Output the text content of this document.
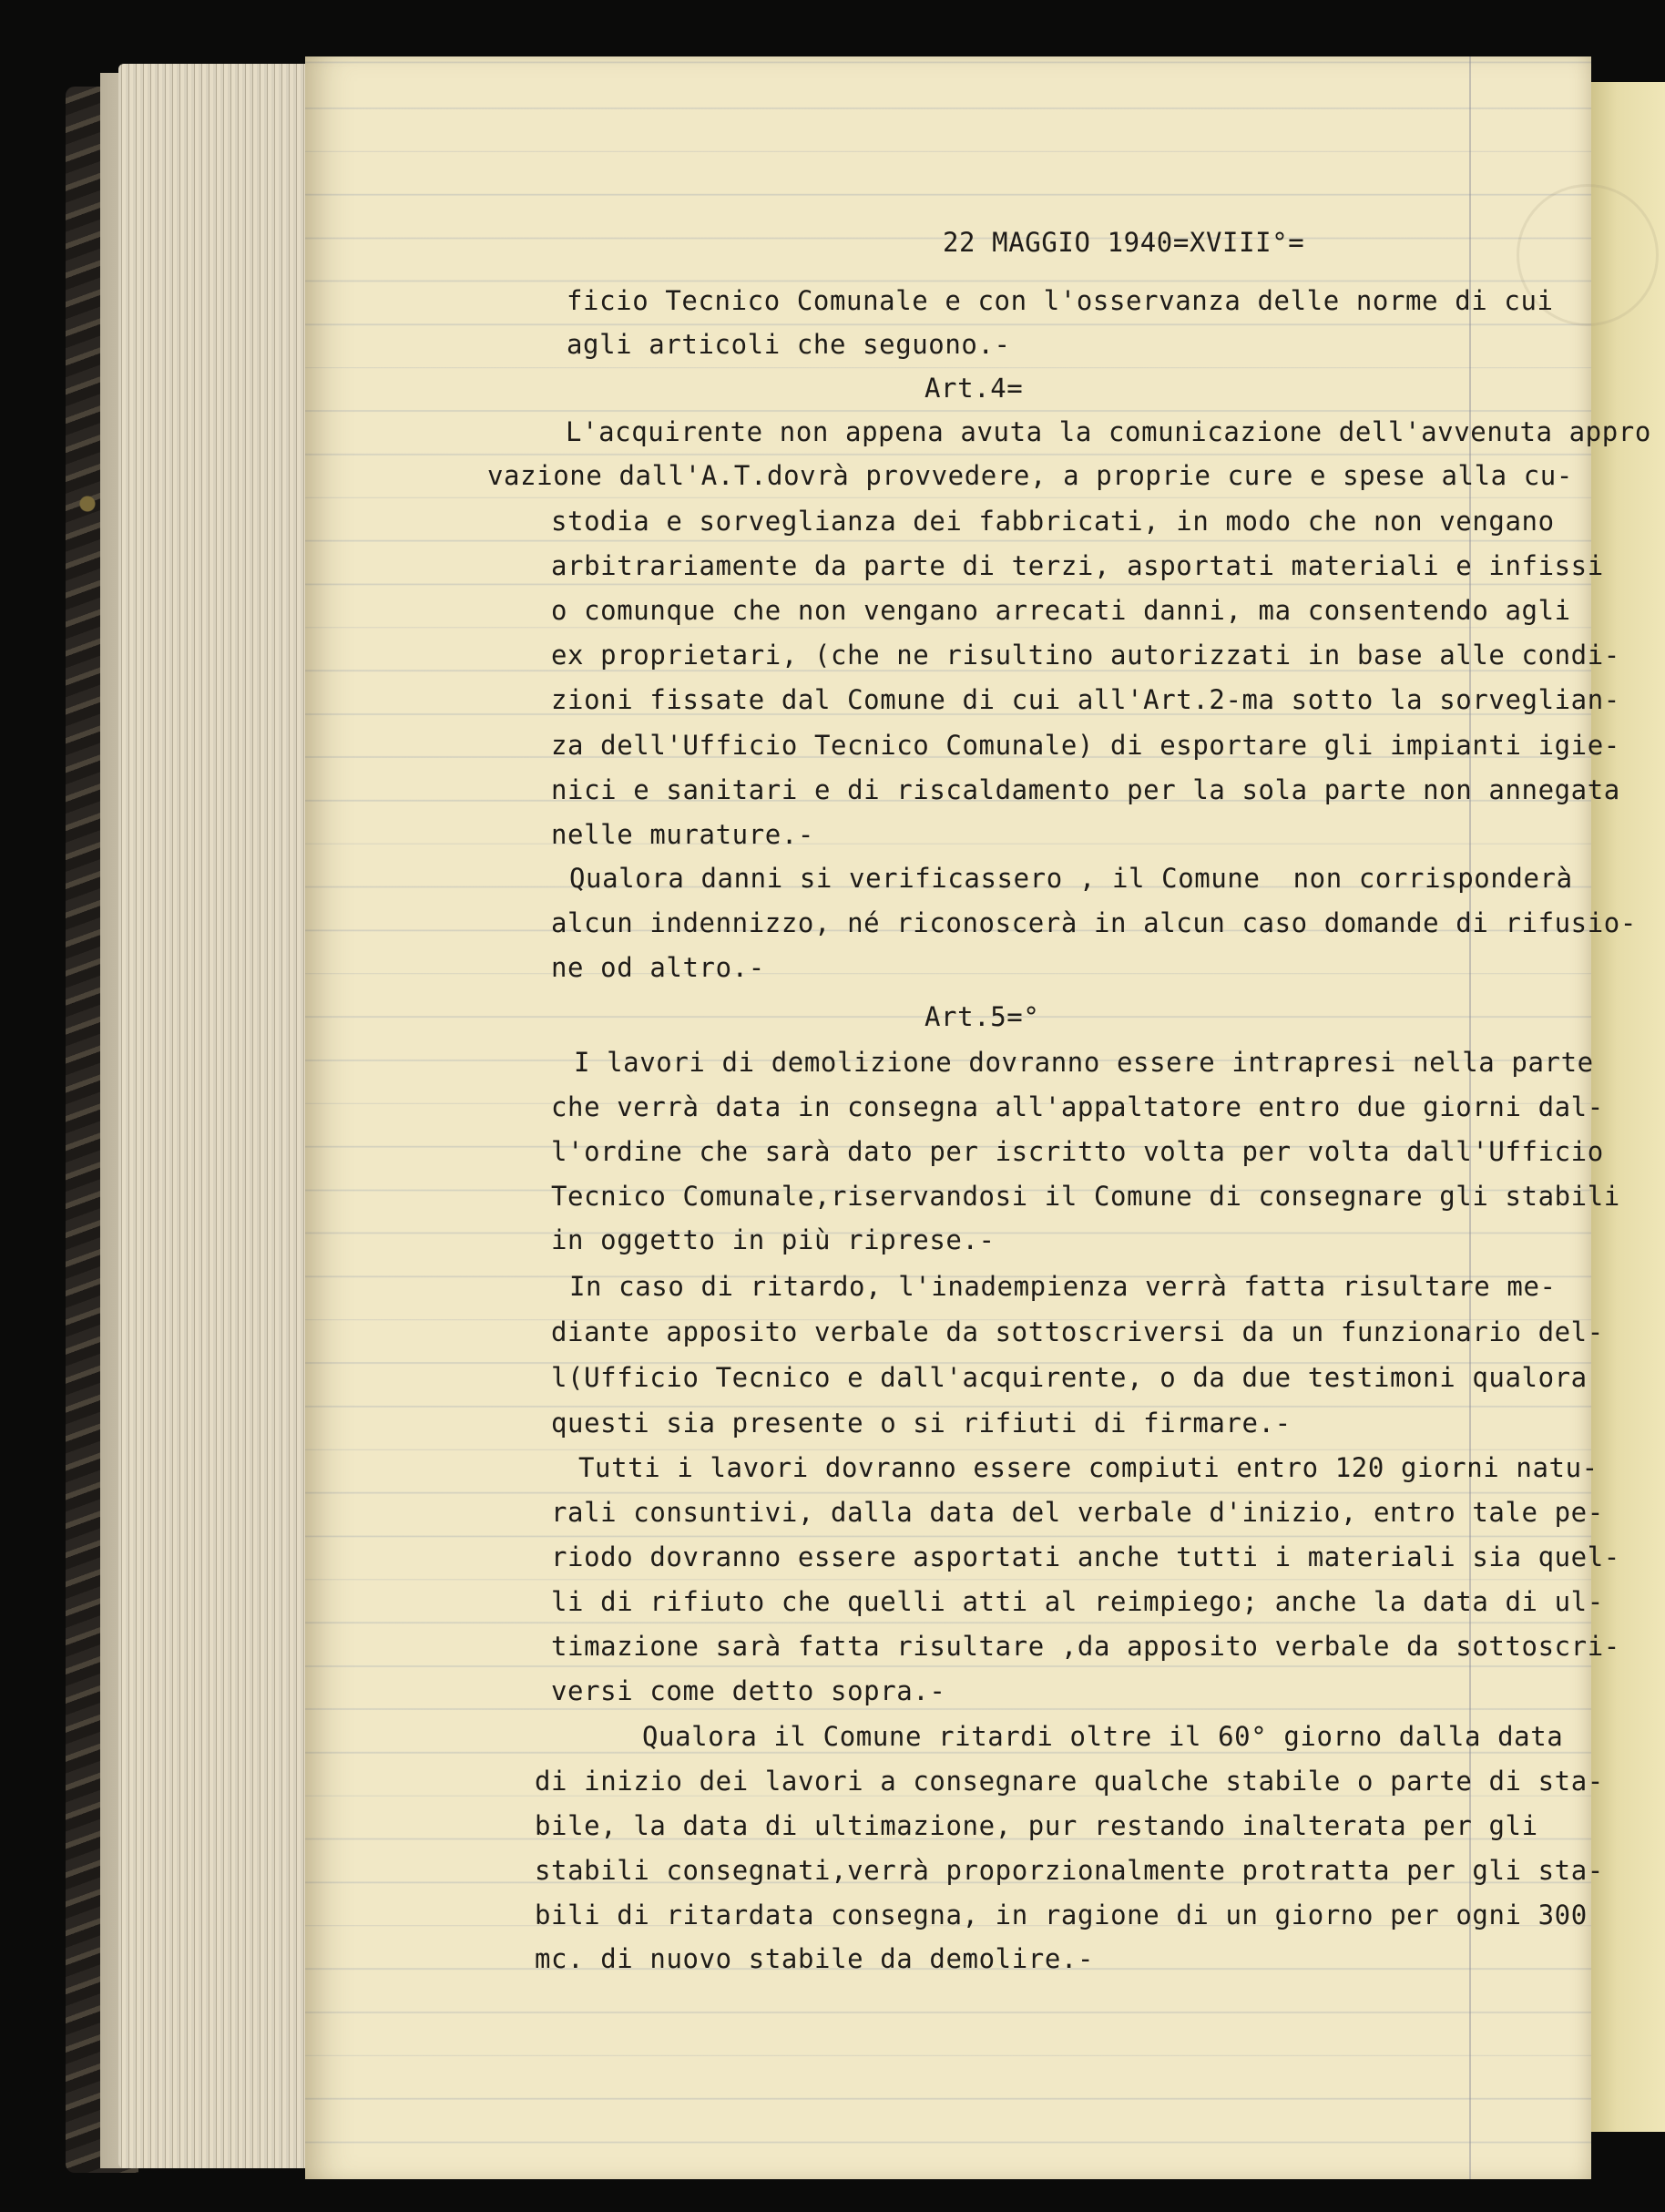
22 MAGGIO 1940=XVIII°=
ficio Tecnico Comunale e con l'osservanza delle norme di cui
agli articoli che seguono.-
Art.4=
L'acquirente non appena avuta la comunicazione dell'avvenuta appro
vazione dall'A.T.dovrà provvedere, a proprie cure e spese alla cu-
stodia e sorveglianza dei fabbricati, in modo che non vengano
arbitrariamente da parte di terzi, asportati materiali e infissi
o comunque che non vengano arrecati danni, ma consentendo agli
ex proprietari, (che ne risultino autorizzati in base alle condi-
zioni fissate dal Comune di cui all'Art.2-ma sotto la sorveglian-
za dell'Ufficio Tecnico Comunale) di esportare gli impianti igie-
nici e sanitari e di riscaldamento per la sola parte non annegata
nelle murature.-
Qualora danni si verificassero , il Comune  non corrisponderà
alcun indennizzo, né riconoscerà in alcun caso domande di rifusio-
ne od altro.-
Art.5=°
I lavori di demolizione dovranno essere intrapresi nella parte
che verrà data in consegna all'appaltatore entro due giorni dal-
l'ordine che sarà dato per iscritto volta per volta dall'Ufficio
Tecnico Comunale,riservandosi il Comune di consegnare gli stabili
in oggetto in più riprese.-
In caso di ritardo, l'inadempienza verrà fatta risultare me-
diante apposito verbale da sottoscriversi da un funzionario del-
l(Ufficio Tecnico e dall'acquirente, o da due testimoni qualora
questi sia presente o si rifiuti di firmare.-
Tutti i lavori dovranno essere compiuti entro 120 giorni natu-
rali consuntivi, dalla data del verbale d'inizio, entro tale pe-
riodo dovranno essere asportati anche tutti i materiali sia quel-
li di rifiuto che quelli atti al reimpiego; anche la data di ul-
timazione sarà fatta risultare ,da apposito verbale da sottoscri-
versi come detto sopra.-
Qualora il Comune ritardi oltre il 60° giorno dalla data
di inizio dei lavori a consegnare qualche stabile o parte di sta-
bile, la data di ultimazione, pur restando inalterata per gli
stabili consegnati,verrà proporzionalmente protratta per gli sta-
bili di ritardata consegna, in ragione di un giorno per ogni 300
mc. di nuovo stabile da demolire.-
